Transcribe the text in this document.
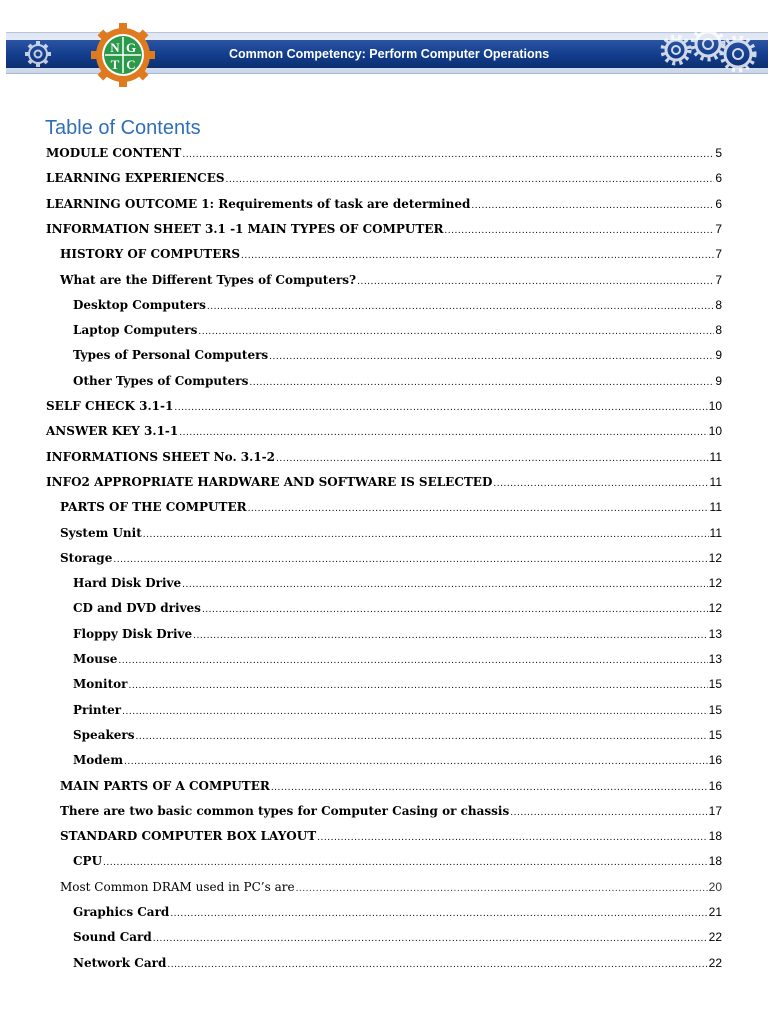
N G
T C
Common Competency: Perform Computer Operations
Table of Contents
MODULE CONTENT .....	5
LEARNING EXPERIENCES .....	6
LEARNING OUTCOME 1: Requirements of task are determined .....	6
INFORMATION SHEET 3.1 -1 MAIN TYPES OF COMPUTER .....	7
HISTORY OF COMPUTERS .....	7
What are the Different Types of Computers? .....	7
Desktop Computers .....	8
Laptop Computers .....	8
Types of Personal Computers .....	9
Other Types of Computers .....	9
SELF CHECK 3.1-1 .....	10
ANSWER KEY 3.1-1 .....	10
INFORMATIONS SHEET No. 3.1-2 .....	11
INFO2 APPROPRIATE HARDWARE AND SOFTWARE IS SELECTED .....	11
PARTS OF THE COMPUTER .....	11
System Unit .....	11
Storage .....	12
Hard Disk Drive .....	12
CD and DVD drives .....	12
Floppy Disk Drive .....	13
Mouse .....	13
Monitor .....	15
Printer .....	15
Speakers .....	15
Modem .....	16
MAIN PARTS OF A COMPUTER .....	16
There are two basic common types for Computer Casing or chassis .....	17
STANDARD COMPUTER BOX LAYOUT .....	18
CPU .....	18
Most Common DRAM used in PC’s are .....	20
Graphics Card .....	21
Sound Card .....	22
Network Card .....	22
